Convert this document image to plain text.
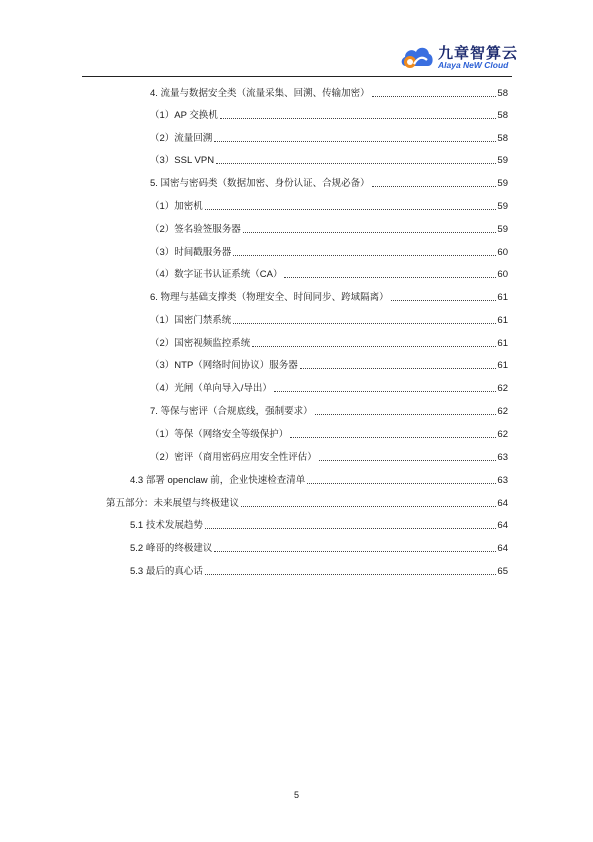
九章智算云
Alaya NeW Cloud
4. 流量与数据安全类（流量采集、回溯、传输加密）	58
（1）AP 交换机	58
（2）流量回溯	58
（3）SSL VPN	59
5. 国密与密码类（数据加密、身份认证、合规必备）	59
（1）加密机	59
（2）签名验签服务器	59
（3）时间戳服务器	60
（4）数字证书认证系统（CA）	60
6. 物理与基础支撑类（物理安全、时间同步、跨域隔离）	61
（1）国密门禁系统	61
（2）国密视频监控系统	61
（3）NTP（网络时间协议）服务器	61
（4）光闸（单向导入/导出）	62
7. 等保与密评（合规底线，强制要求）	62
（1）等保（网络安全等级保护）	62
（2）密评（商用密码应用安全性评估）	63
4.3 部署 openclaw 前，企业快速检查清单	63
第五部分：未来展望与终极建议	64
5.1 技术发展趋势	64
5.2 峰哥的终极建议	64
5.3 最后的真心话	65
5
